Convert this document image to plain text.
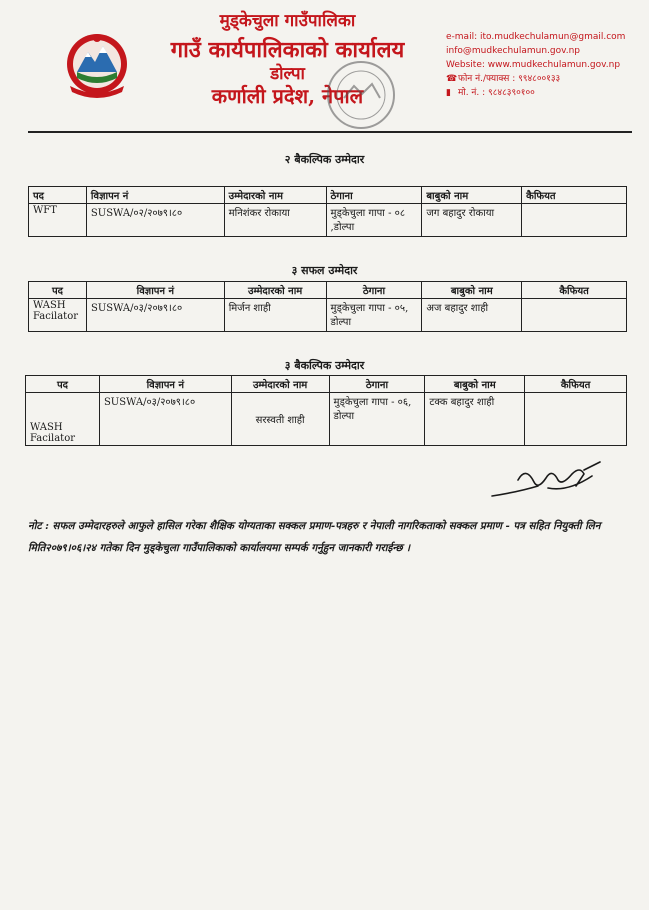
मुड्केचुला गाउँपालिका
गाउँ कार्यपालिकाको कार्यालय
डोल्पा
कर्णाली प्रदेश, नेपाल
e-mail: ito.mudkechulamun@gmail.com
info@mudkechulamun.gov.np
Website: www.mudkechulamun.gov.np
☎फोन नं./फ्याक्स : ९९४८००१३३
▮ मो. नं. : ९८४८३९०१००
२ बैकल्पिक उम्मेदार
पद	विज्ञापन नं	उम्मेदारको नाम	ठेगाना	बाबुको नाम	कैफियत
WFT	SUSWA/०२/२०७९।८०	मनिशंकर रोकाया	मुड्केचुला गापा - ०८ ,डोल्पा	जग बहादुर रोकाया	
३ सफल उम्मेदार
पद	विज्ञापन नं	उम्मेदारको नाम	ठेगाना	बाबुको नाम	कैफियत
WASH Facilator	SUSWA/०३/२०७९।८०	मिर्जन शाही	मुड्केचुला गापा - ०५, डोल्पा	अज बहादुर शाही	
३ बैकल्पिक उम्मेदार
पद	विज्ञापन नं	उम्मेदारको नाम	ठेगाना	बाबुको नाम	कैफियत
WASH Facilator	SUSWA/०३/२०७९।८०	सरस्वती शाही	मुड्केचुला गापा - ०६, डोल्पा	टक्क बहादुर शाही	
नोट : सफल उम्मेदारहरुले आफुले हासिल गरेका शैक्षिक योग्यताका सक्कल प्रमाण-पत्रहरु र नेपाली नागरिकताको सक्कल प्रमाण - पत्र सहित नियुक्ती लिन मिति२०७९।०६।२४ गतेका दिन मुड्केचुला गाउँपालिकाको कार्यालयमा सम्पर्क गर्नुहुन जानकारी गराईन्छ ।
